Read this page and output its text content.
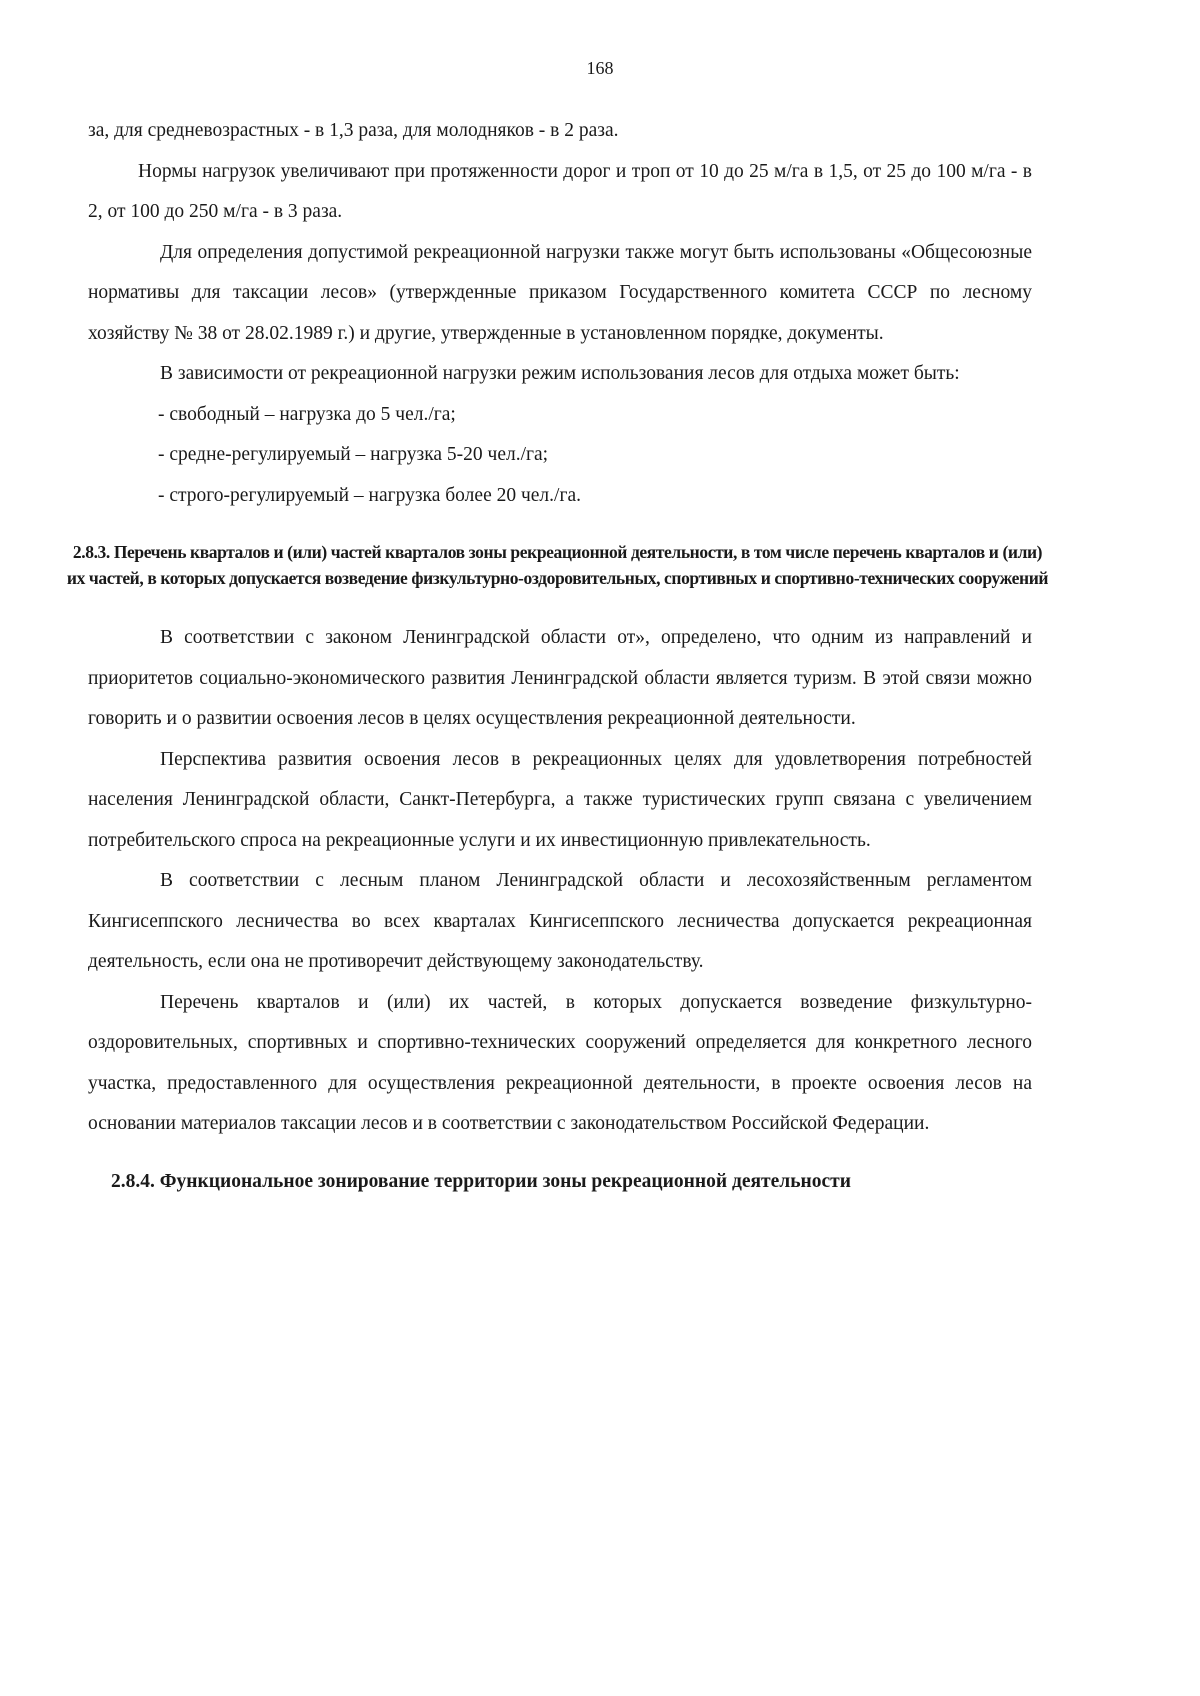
168

за, для средневозрастных - в 1,3 раза, для молодняков - в 2 раза.

Нормы нагрузок увеличивают при протяженности дорог и троп от 10 до 25 м/га в 1,5, от 25 до 100 м/га - в 2, от 100 до 250 м/га - в 3 раза.

Для определения допустимой рекреационной нагрузки также могут быть использованы «Общесоюзные нормативы для таксации лесов» (утвержденные приказом Государственного комитета СССР по лесному хозяйству № 38 от 28.02.1989 г.) и другие, утвержденные в установленном порядке, документы.

В зависимости от рекреационной нагрузки режим использования лесов для отдыха может быть:

- свободный – нагрузка до 5 чел./га;

- средне-регулируемый – нагрузка 5-20 чел./га;

- строго-регулируемый – нагрузка более 20 чел./га.

2.8.3. Перечень кварталов и (или) частей кварталов зоны рекреационной деятельности, в том числе перечень кварталов и (или) их частей, в которых допускается возведение физкультурно-оздоровительных, спортивных и спортивно-технических сооружений

В соответствии с законом Ленинградской области от», определено, что одним из направлений и приоритетов социально-экономического развития Ленинградской области является туризм. В этой связи можно говорить и о развитии освоения лесов в целях осуществления рекреационной деятельности.

Перспектива развития освоения лесов в рекреационных целях для удовлетворения потребностей населения Ленинградской области, Санкт-Петербурга, а также туристических групп связана с увеличением потребительского спроса на рекреационные услуги и их инвестиционную привлекательность.

В соответствии с лесным планом Ленинградской области и лесохозяйственным регламентом Кингисеппского лесничества во всех кварталах Кингисеппского лесничества допускается рекреационная деятельность, если она не противоречит действующему законодательству.

Перечень кварталов и (или) их частей, в которых допускается возведение физкультурно-оздоровительных, спортивных и спортивно-технических сооружений определяется для конкретного лесного участка, предоставленного для осуществления рекреационной деятельности, в проекте освоения лесов на основании материалов таксации лесов и в соответствии с законодательством Российской Федерации.

2.8.4. Функциональное зонирование территории зоны рекреационной деятельности
